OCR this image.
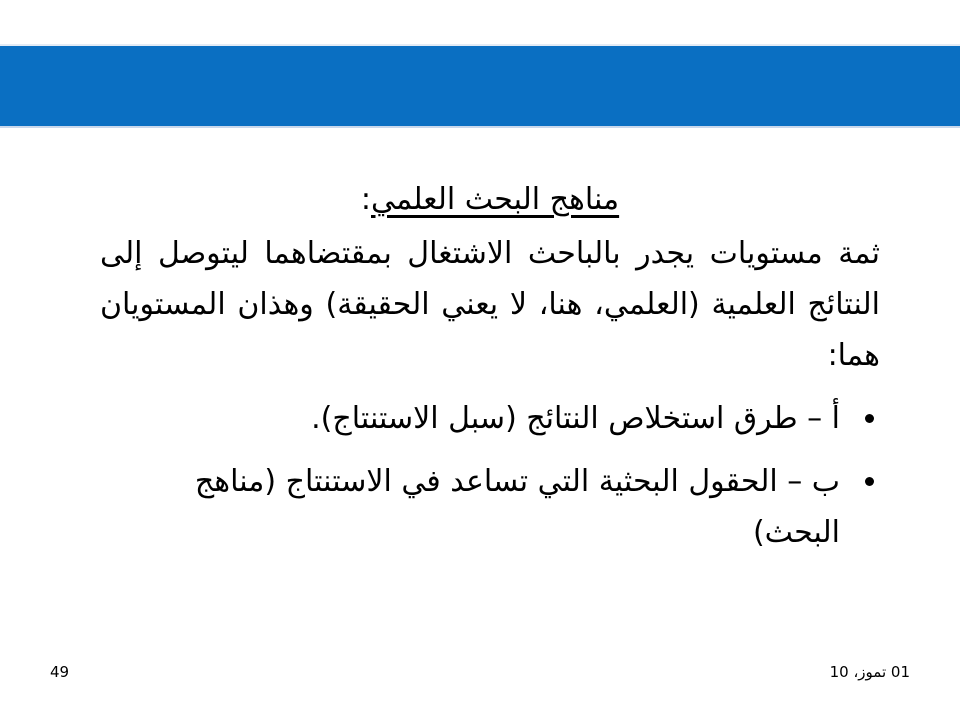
مناهج البحث العلمي:

ثمة مستويات يجدر بالباحث الاشتغال بمقتضاهما ليتوصل إلى النتائج العلمية (العلمي، هنا، لا يعني الحقيقة) وهذان المستويان هما:

أ – طرق استخلاص النتائج (سبل الاستنتاج).
ب – الحقول البحثية التي تساعد في الاستنتاج (مناهج البحث)
01 تموز، 10
49
